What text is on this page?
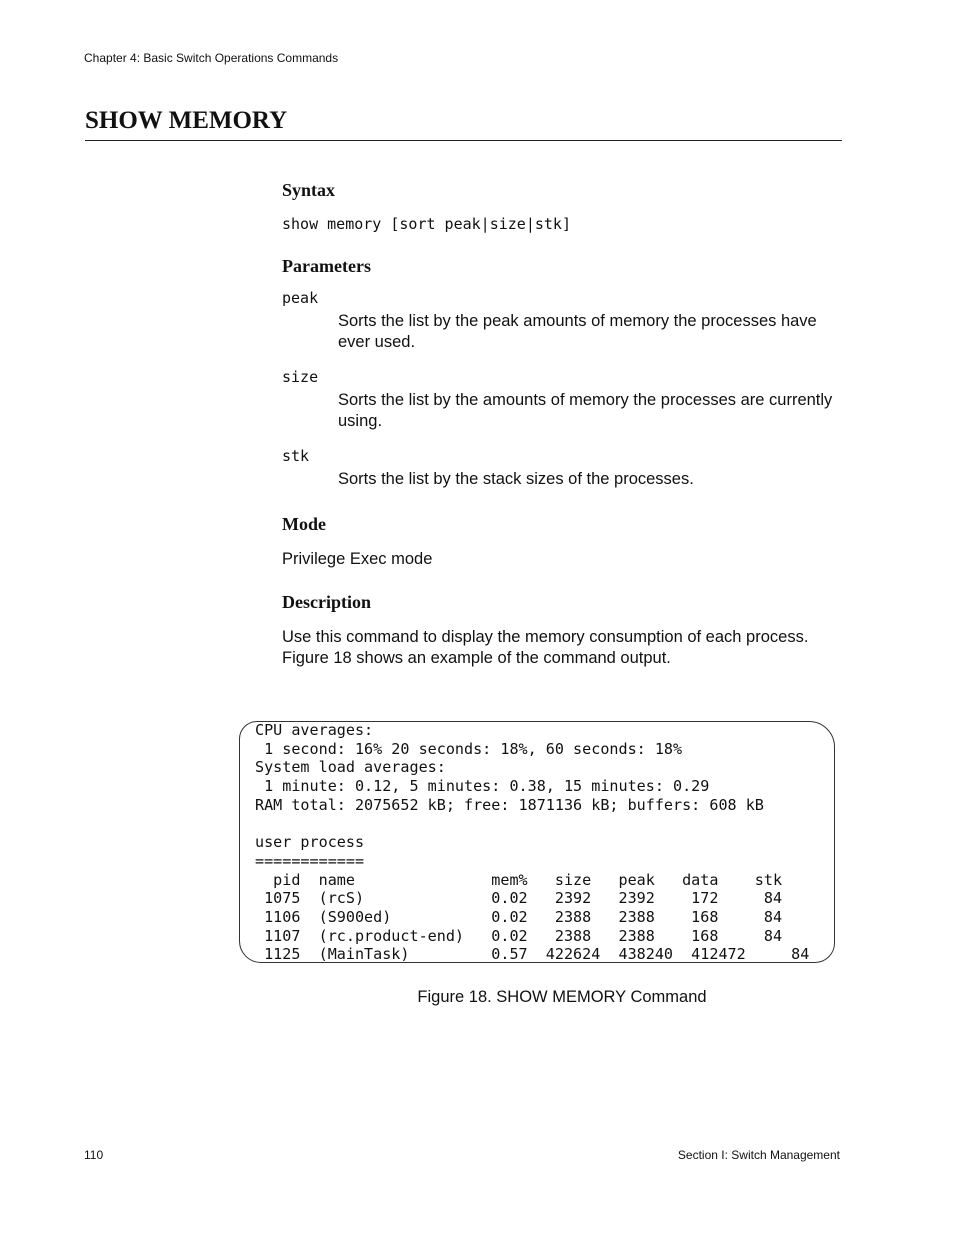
Chapter 4: Basic Switch Operations Commands
SHOW MEMORY
Syntax
show memory [sort peak|size|stk]
Parameters
peak
Sorts the list by the peak amounts of memory the processes have ever used.
size
Sorts the list by the amounts of memory the processes are currently using.
stk
Sorts the list by the stack sizes of the processes.
Mode
Privilege Exec mode
Description
Use this command to display the memory consumption of each process. Figure 18 shows an example of the command output.
CPU averages:
1 second: 16% 20 seconds: 18%, 60 seconds: 18%
System load averages:
1 minute: 0.12, 5 minutes: 0.38, 15 minutes: 0.29
RAM total: 2075652 kB; free: 1871136 kB; buffers: 608 kB

user process
============
pid  name               mem%   size   peak   data    stk
1075  (rcS)              0.02   2392   2392    172     84
1106  (S900ed)           0.02   2388   2388    168     84
1107  (rc.product-end)   0.02   2388   2388    168     84
1125  (MainTask)         0.57  422624  438240  412472     84
Figure 18. SHOW MEMORY Command
110	Section I: Switch Management
